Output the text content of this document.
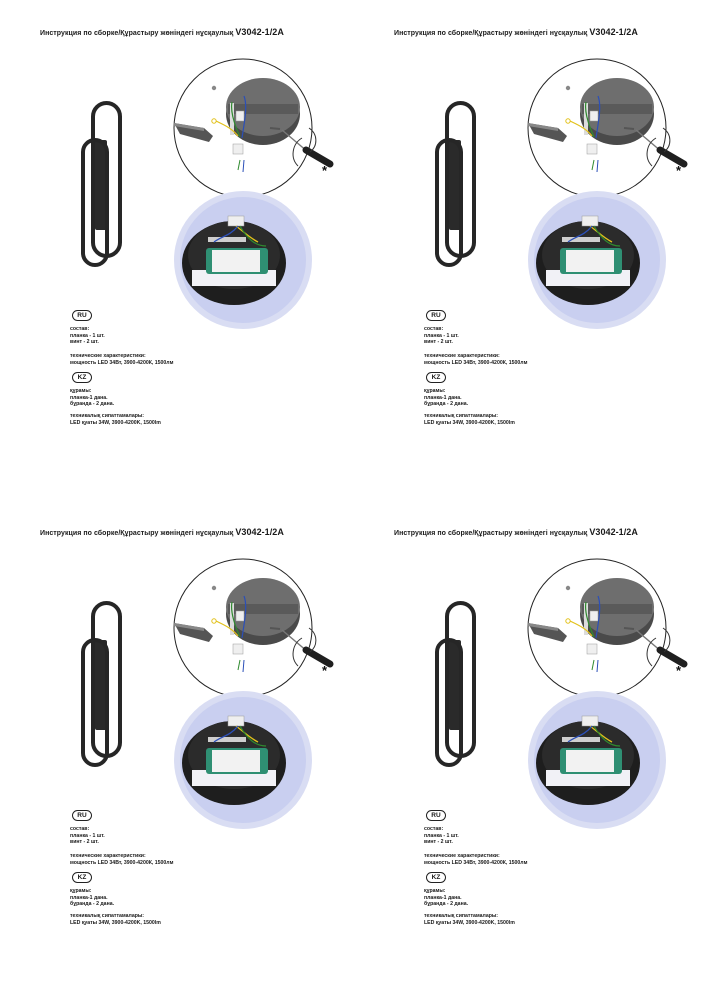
Инструкция по сборке/Құрастыру жөніндегі нұсқаулық V3042-1/2A
*
RU
состав:
планка - 1 шт.
винт - 2 шт.
технические характеристики:
мощность LED 34Вт, 3900-4200К, 1500лм
KZ
құрамы:
планка-1 дана.
бұранда - 2 дана.
техникалық сипаттамалары:
LED қуаты 34W, 3900-4200K, 1500lm
Инструкция по сборке/Құрастыру жөніндегі нұсқаулық V3042-1/2A
*
RU
состав:
планка - 1 шт.
винт - 2 шт.
технические характеристики:
мощность LED 34Вт, 3900-4200К, 1500лм
KZ
құрамы:
планка-1 дана.
бұранда - 2 дана.
техникалық сипаттамалары:
LED қуаты 34W, 3900-4200K, 1500lm
Инструкция по сборке/Құрастыру жөніндегі нұсқаулық V3042-1/2A
*
RU
состав:
планка - 1 шт.
винт - 2 шт.
технические характеристики:
мощность LED 34Вт, 3900-4200К, 1500лм
KZ
құрамы:
планка-1 дана.
бұранда - 2 дана.
техникалық сипаттамалары:
LED қуаты 34W, 3900-4200K, 1500lm
Инструкция по сборке/Құрастыру жөніндегі нұсқаулық V3042-1/2A
*
RU
состав:
планка - 1 шт.
винт - 2 шт.
технические характеристики:
мощность LED 34Вт, 3900-4200К, 1500лм
KZ
құрамы:
планка-1 дана.
бұранда - 2 дана.
техникалық сипаттамалары:
LED қуаты 34W, 3900-4200K, 1500lm
